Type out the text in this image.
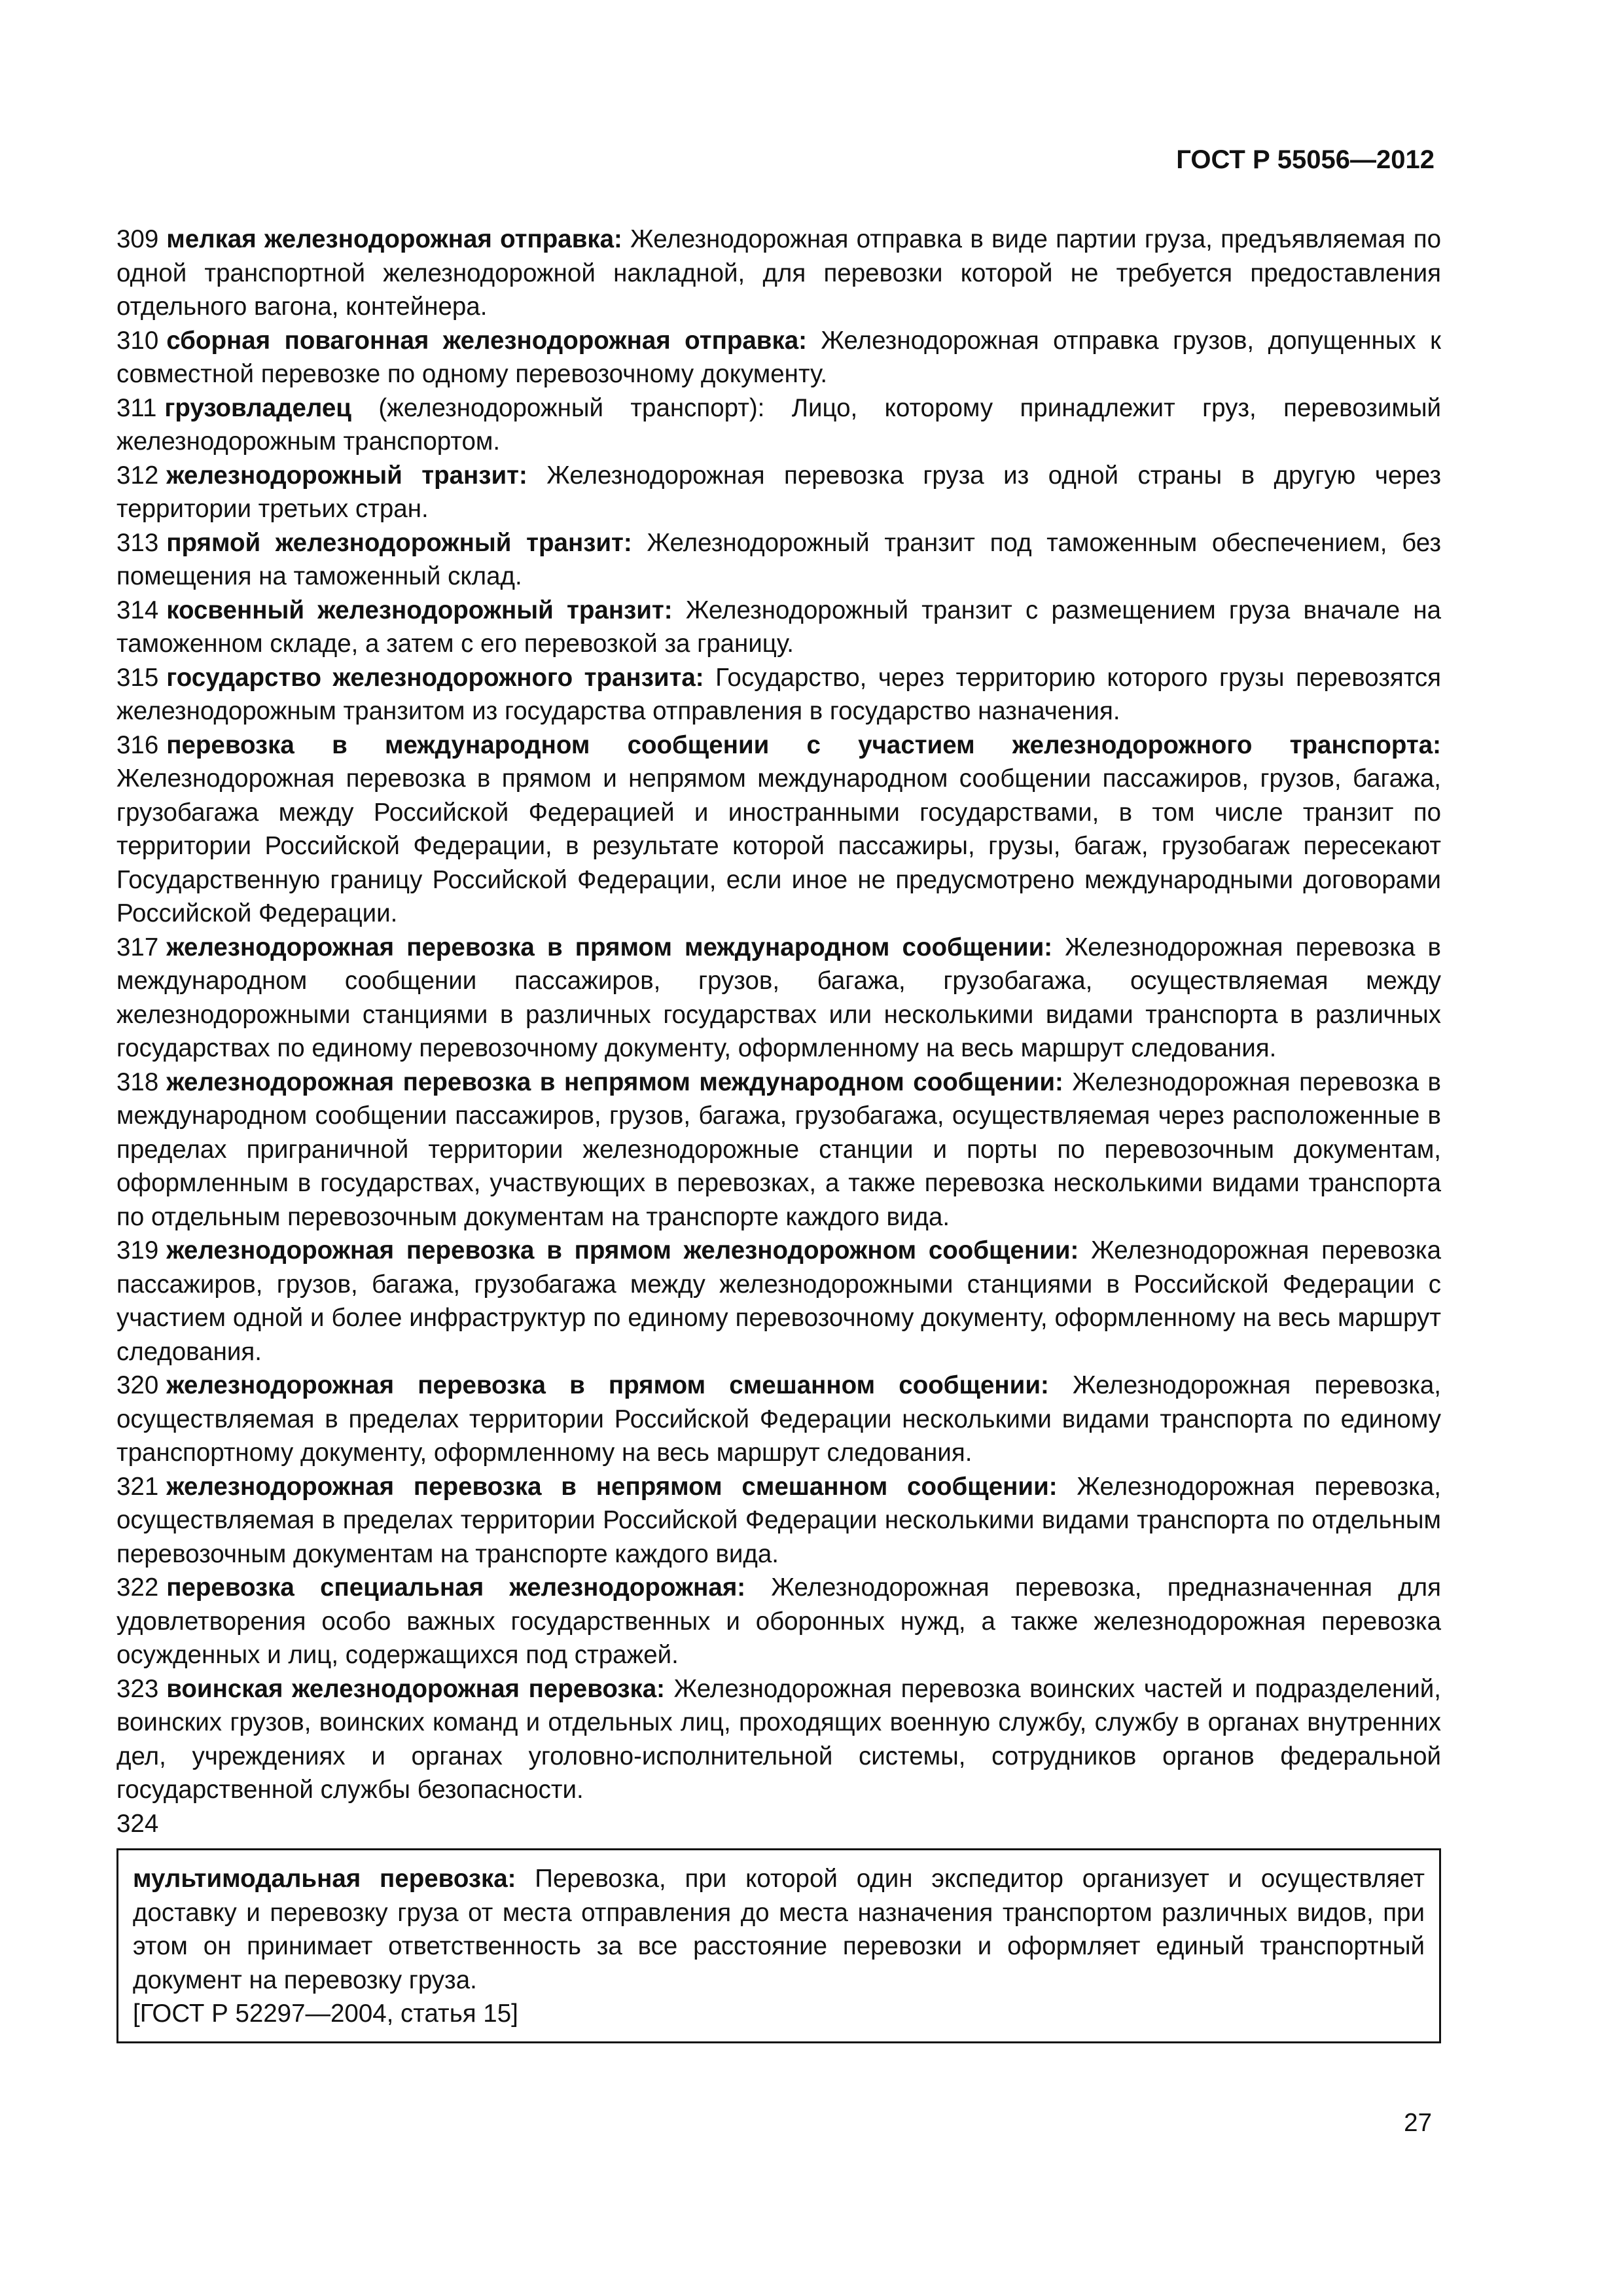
ГОСТ Р 55056—2012

309 мелкая железнодорожная отправка: Железнодорожная отправка в виде партии груза, предъявляемая по одной транспортной железнодорожной накладной, для перевозки которой не требуется предоставления отдельного вагона, контейнера.

310 сборная повагонная железнодорожная отправка: Железнодорожная отправка грузов, допущенных к совместной перевозке по одному перевозочному документу.

311 грузовладелец (железнодорожный транспорт): Лицо, которому принадлежит груз, перевозимый железнодорожным транспортом.

312 железнодорожный транзит: Железнодорожная перевозка груза из одной страны в другую через территории третьих стран.

313 прямой железнодорожный транзит: Железнодорожный транзит под таможенным обеспечением, без помещения на таможенный склад.

314 косвенный железнодорожный транзит: Железнодорожный транзит с размещением груза вначале на таможенном складе, а затем с его перевозкой за границу.

315 государство железнодорожного транзита: Государство, через территорию которого грузы перевозятся железнодорожным транзитом из государства отправления в государство назначения.

316 перевозка в международном сообщении с участием железнодорожного транспорта: Железнодорожная перевозка в прямом и непрямом международном сообщении пассажиров, грузов, багажа, грузобагажа между Российской Федерацией и иностранными государствами, в том числе транзит по территории Российской Федерации, в результате которой пассажиры, грузы, багаж, грузобагаж пересекают Государственную границу Российской Федерации, если иное не предусмотрено международными договорами Российской Федерации.

317 железнодорожная перевозка в прямом международном сообщении: Железнодорожная перевозка в международном сообщении пассажиров, грузов, багажа, грузобагажа, осуществляемая между железнодорожными станциями в различных государствах или несколькими видами транспорта в различных государствах по единому перевозочному документу, оформленному на весь маршрут следования.

318 железнодорожная перевозка в непрямом международном сообщении: Железнодорожная перевозка в международном сообщении пассажиров, грузов, багажа, грузобагажа, осуществляемая через расположенные в пределах приграничной территории железнодорожные станции и порты по перевозочным документам, оформленным в государствах, участвующих в перевозках, а также перевозка несколькими видами транспорта по отдельным перевозочным документам на транспорте каждого вида.

319 железнодорожная перевозка в прямом железнодорожном сообщении: Железнодорожная перевозка пассажиров, грузов, багажа, грузобагажа между железнодорожными станциями в Российской Федерации с участием одной и более инфраструктур по единому перевозочному документу, оформленному на весь маршрут следования.

320 железнодорожная перевозка в прямом смешанном сообщении: Железнодорожная перевозка, осуществляемая в пределах территории Российской Федерации несколькими видами транспорта по единому транспортному документу, оформленному на весь маршрут следования.

321 железнодорожная перевозка в непрямом смешанном сообщении: Железнодорожная перевозка, осуществляемая в пределах территории Российской Федерации несколькими видами транспорта по отдельным перевозочным документам на транспорте каждого вида.

322 перевозка специальная железнодорожная: Железнодорожная перевозка, предназначенная для удовлетворения особо важных государственных и оборонных нужд, а также железнодорожная перевозка осужденных и лиц, содержащихся под стражей.

323 воинская железнодорожная перевозка: Железнодорожная перевозка воинских частей и подразделений, воинских грузов, воинских команд и отдельных лиц, проходящих военную службу, службу в органах внутренних дел, учреждениях и органах уголовно-исполнительной системы, сотрудников органов федеральной государственной службы безопасности.

324

мультимодальная перевозка: Перевозка, при которой один экспедитор организует и осуществляет доставку и перевозку груза от места отправления до места назначения транспортом различных видов, при этом он принимает ответственность за все расстояние перевозки и оформляет единый транспортный документ на перевозку груза.

[ГОСТ Р 52297—2004, статья 15]

27
